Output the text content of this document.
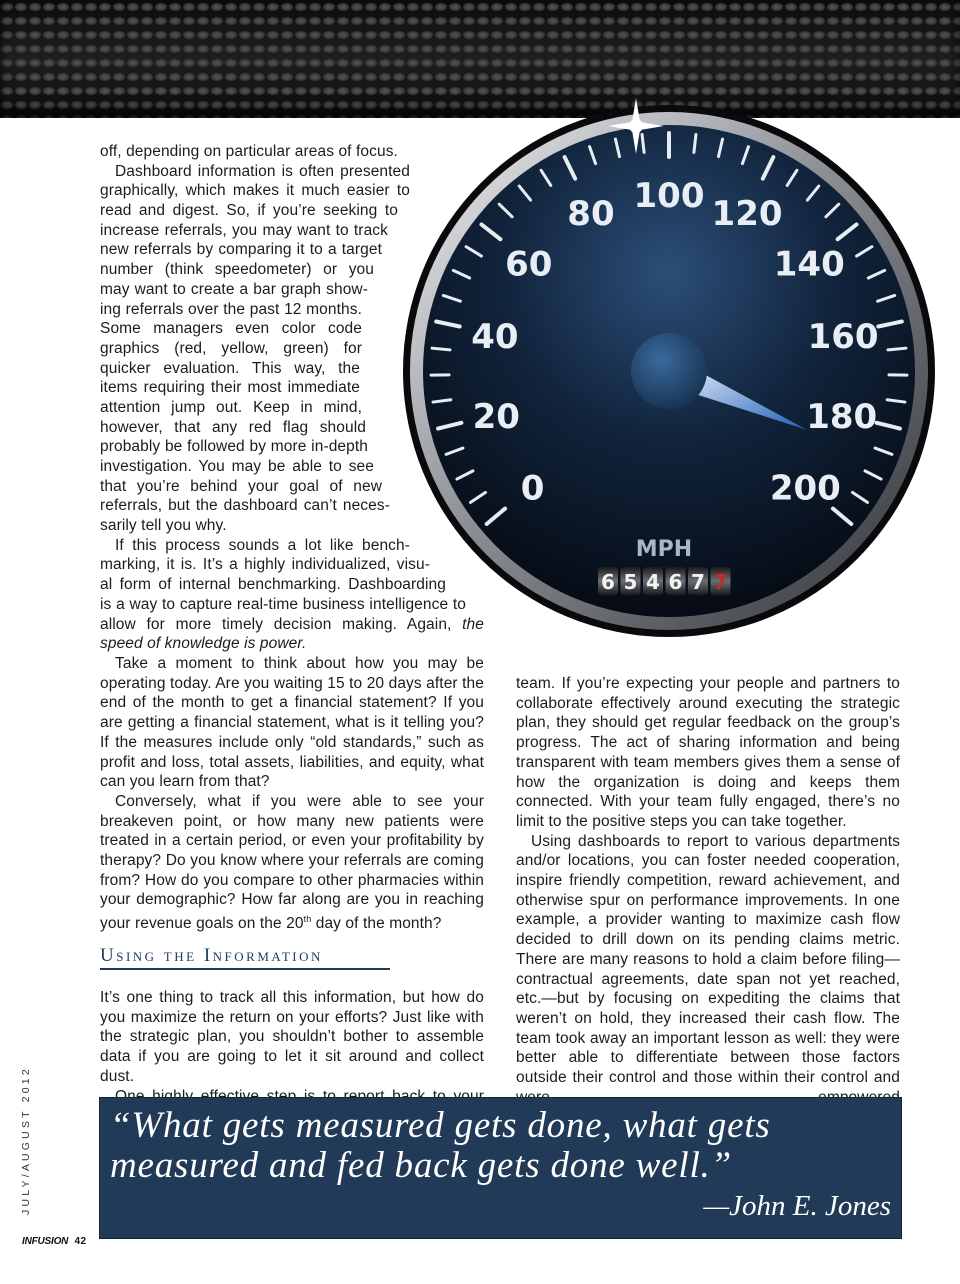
off, depending on particular areas of focus.
Dashboard information is often presented
graphically, which makes it much easier to
read and digest. So, if you’re seeking to
increase referrals, you may want to track
new referrals by comparing it to a target
number (think speedometer) or you
may want to create a bar graph show-
ing referrals over the past 12 months.
Some managers even color code
graphics (red, yellow, green) for
quicker evaluation. This way, the
items requiring their most immediate
attention jump out. Keep in mind,
however, that any red flag should
probably be followed by more in-depth
investigation. You may be able to see
that you’re behind your goal of new
referrals, but the dashboard can’t neces-
sarily tell you why.
If this process sounds a lot like bench-
marking, it is. It’s a highly individualized, visu-
al form of internal benchmarking. Dashboarding
is a way to capture real-time business intelligence to
allow for more timely decision making. Again, the
speed of knowledge is power.

Take a moment to think about how you may be operating today. Are you waiting 15 to 20 days after the end of the month to get a financial statement? If you are getting a financial statement, what is it telling you? If the measures include only “old standards,” such as profit and loss, total assets, liabilities, and equity, what can you learn from that?

Conversely, what if you were able to see your breakeven point, or how many new patients were treated in a certain period, or even your profitability by therapy? Do you know where your referrals are coming from? How do you compare to other pharmacies within your demographic? How far along are you in reaching your revenue goals on the 20th day of the month?

Using the Information

It’s one thing to track all this information, but how do you maximize the return on your efforts? Just like with the strategic plan, you shouldn’t bother to assemble data if you are going to let it sit around and collect dust.

team. If you’re expecting your people and partners to collaborate effectively around executing the strategic plan, they should get regular feedback on the group’s progress. The act of sharing information and being transparent with team members gives them a sense of how the organization is doing and keeps them connected. With your team fully engaged, there’s no limit to the positive steps you can take together.

Using dashboards to report to various departments and/or locations, you can foster needed cooperation, inspire friendly competition, reward achievement, and otherwise spur on performance improvements. In one example, a provider wanting to maximize cash flow decided to drill down on its pending claims metric. There are many reasons to hold a claim before filing—contractual agreements, date span not yet reached, etc.—but by focusing on expediting the claims that weren’t on hold, they increased their cash flow. The team took away an important lesson as well: they were better able to differentiate between those factors outside their control and those within their control and

“What gets measured gets done, what gets measured and fed back gets done well.”
—John E. Jones
JULY/AUGUST 2012
INFUSION 42
0
20
40
60
80 100 120
140
160
180
200
MPH
6 5 4 6 7 7
